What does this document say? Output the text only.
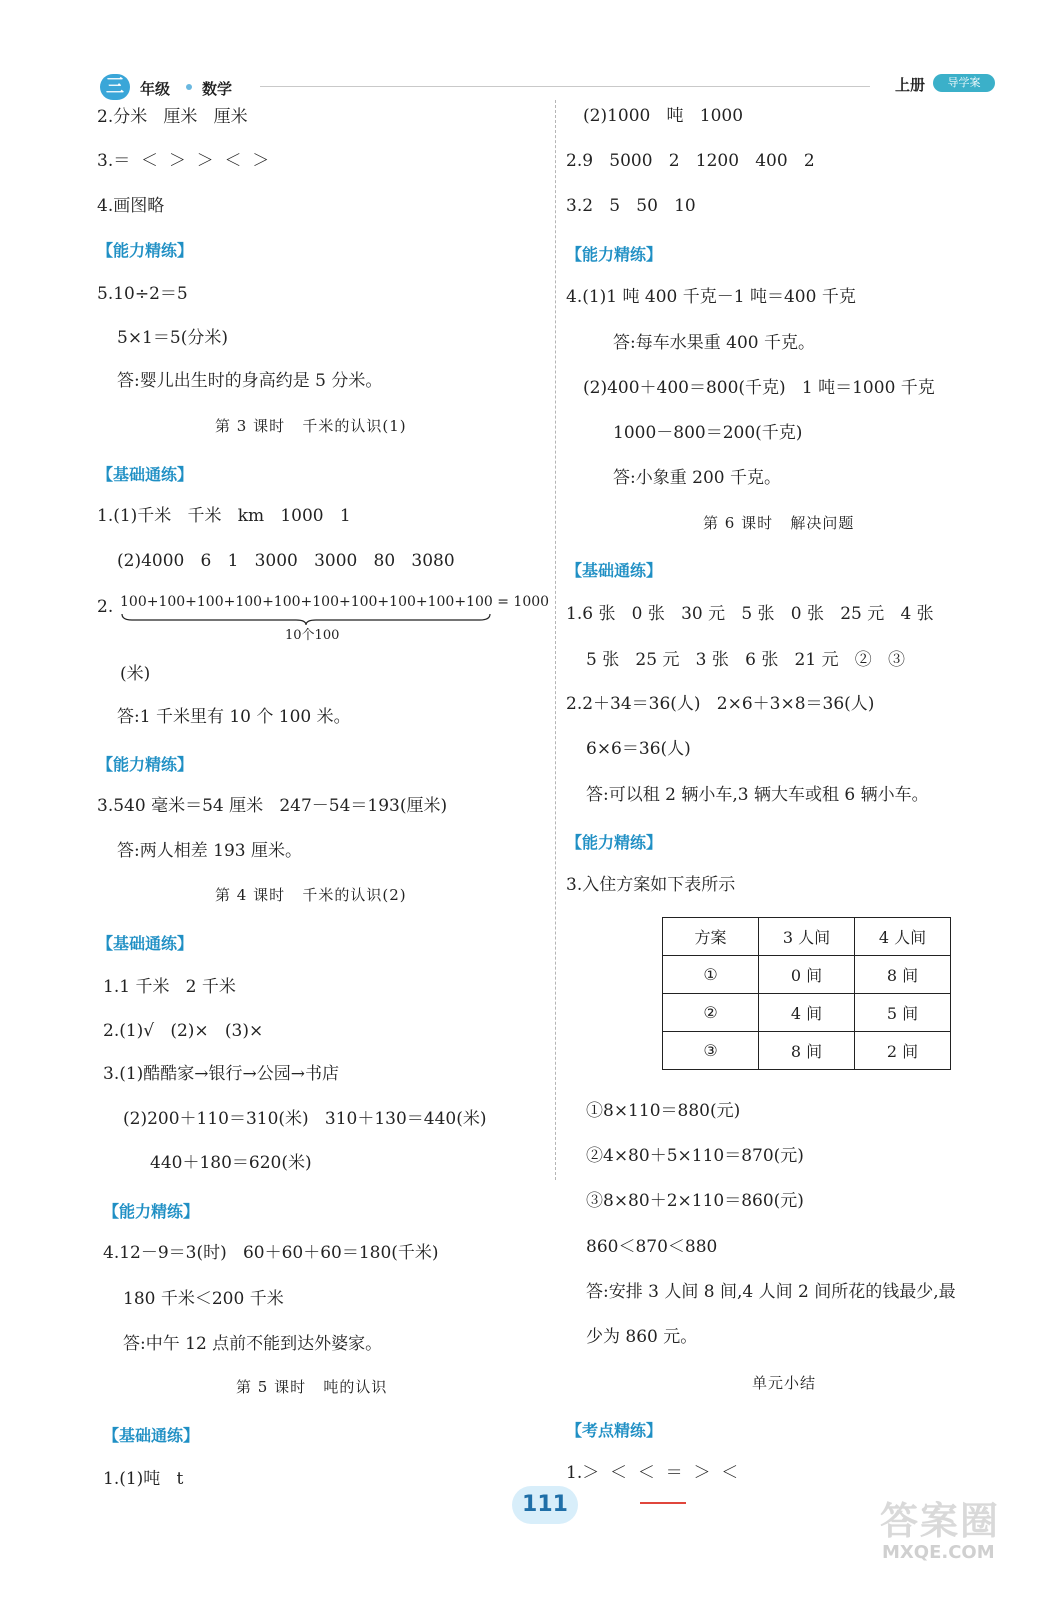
三	年级 数学	上册	导学案
2.分米   厘米   厘米
3.＝  ＜  ＞  ＞  ＜  ＞
4.画图略
【能力精练】
5.10÷2＝5
5×1＝5(分米)
答:婴儿出生时的身高约是 5 分米。
第 3 课时   千米的认识(1)
【基础通练】
1.(1)千米   千米   km   1000   1
(2)4000   6   1   3000   3000   80   3080
2. 100+100+100+100+100+100+100+100+100+100 = 1000
10个100
(米)
答:1 千米里有 10 个 100 米。
【能力精练】
3.540 毫米＝54 厘米   247－54＝193(厘米)
答:两人相差 193 厘米。
第 4 课时   千米的认识(2)
【基础通练】
1.1 千米   2 千米
2.(1)√   (2)×   (3)×
3.(1)酷酷家→银行→公园→书店
(2)200＋110＝310(米)   310＋130＝440(米)
440＋180＝620(米)
【能力精练】
4.12－9＝3(时)   60＋60＋60＝180(千米)
180 千米＜200 千米
答:中午 12 点前不能到达外婆家。
第 5 课时   吨的认识
【基础通练】
1.(1)吨   t
(2)1000   吨   1000
2.9   5000   2   1200   400   2
3.2   5   50   10
【能力精练】
4.(1)1 吨 400 千克－1 吨＝400 千克
答:每车水果重 400 千克。
(2)400＋400＝800(千克)   1 吨＝1000 千克
1000－800＝200(千克)
答:小象重 200 千克。
第 6 课时   解决问题
【基础通练】
1.6 张   0 张   30 元   5 张   0 张   25 元   4 张
5 张   25 元   3 张   6 张   21 元   ②   ③
2.2＋34＝36(人)   2×6＋3×8＝36(人)
6×6＝36(人)
答:可以租 2 辆小车,3 辆大车或租 6 辆小车。
【能力精练】
3.入住方案如下表所示
方案	3 人间	4 人间
①	0 间	8 间
②	4 间	5 间
③	8 间	2 间
①8×110＝880(元)
②4×80＋5×110＝870(元)
③8×80＋2×110＝860(元)
860＜870＜880
答:安排 3 人间 8 间,4 人间 2 间所花的钱最少,最
少为 860 元。
单元小结
【考点精练】
1.＞  ＜  ＜  ＝  ＞  ＜
111	答案圈
MXQE.COM
